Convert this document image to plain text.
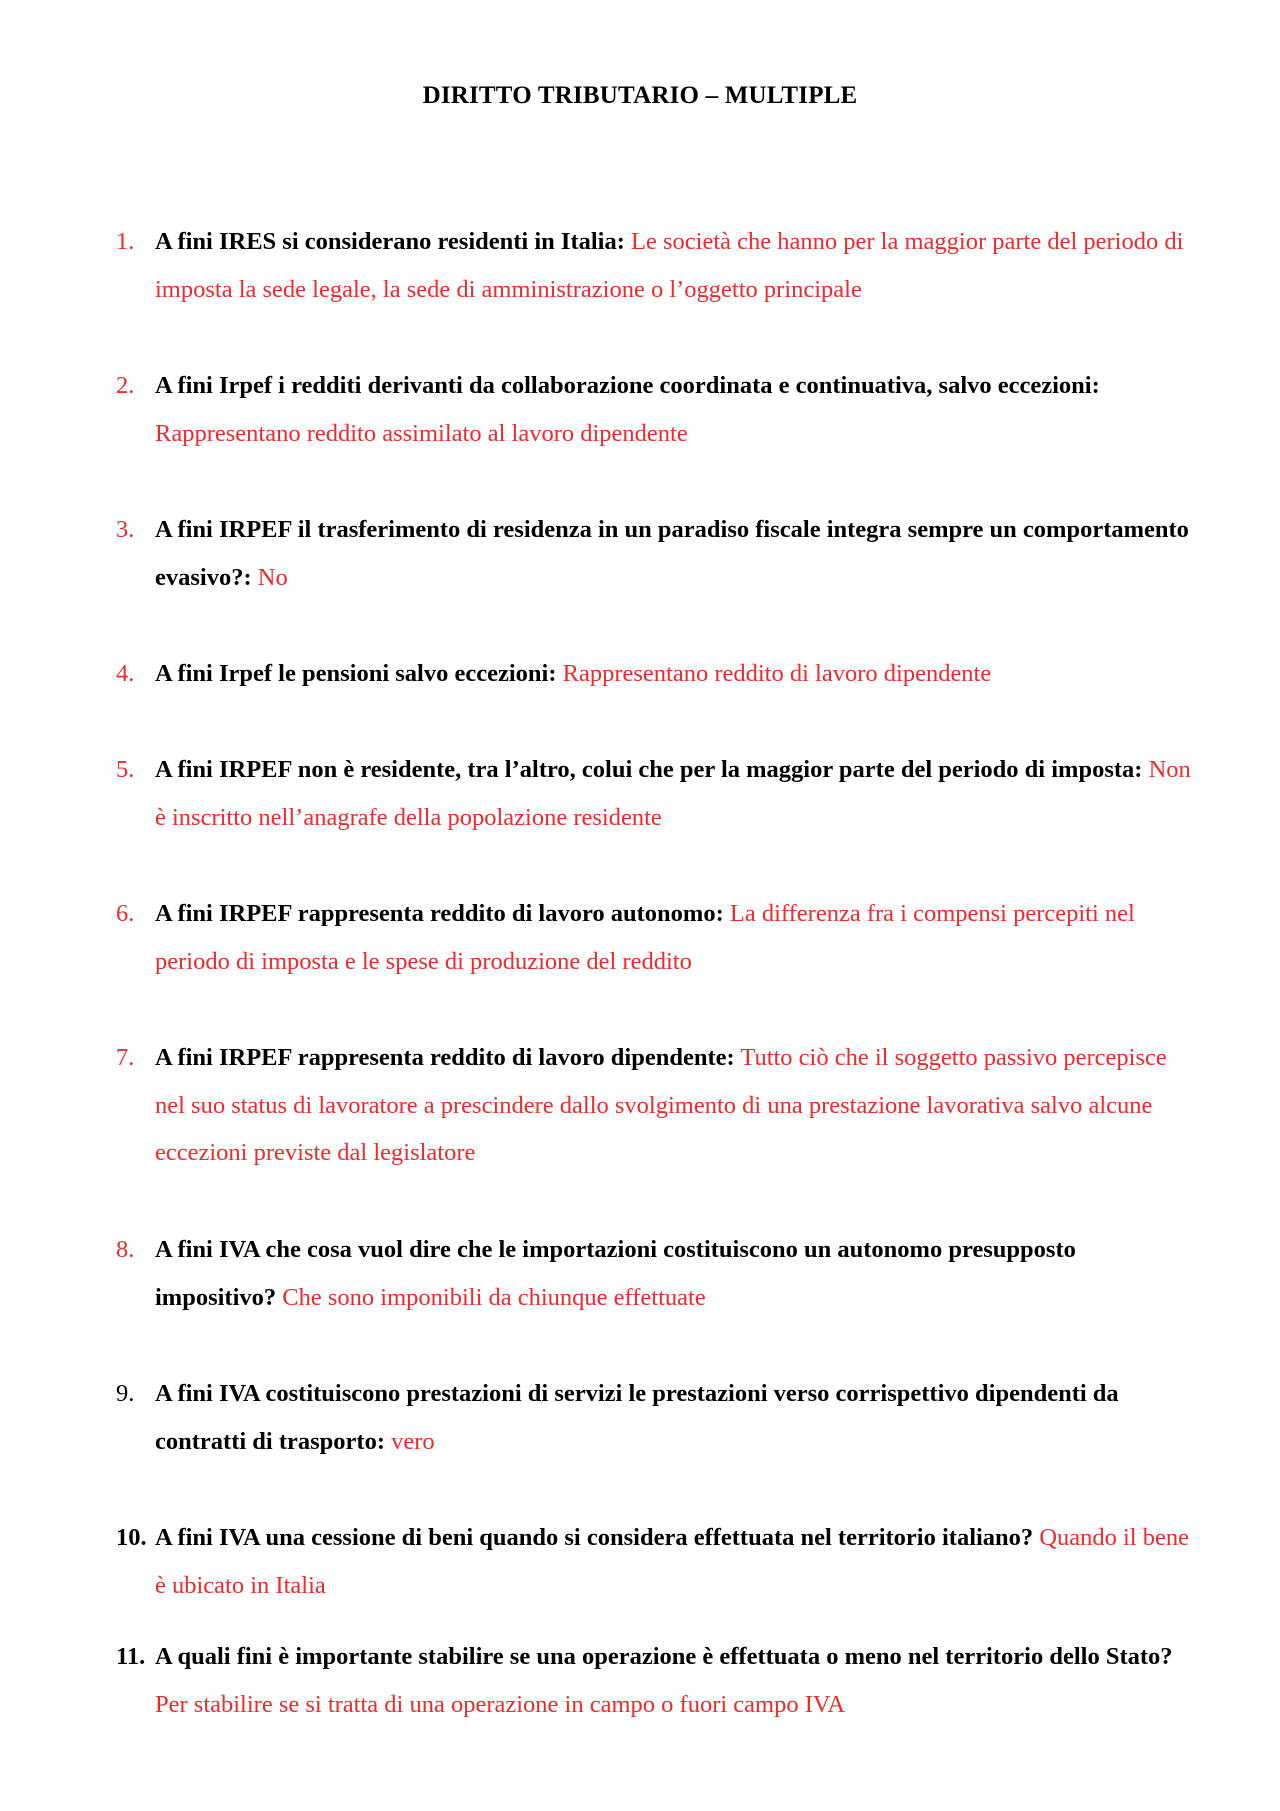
DIRITTO TRIBUTARIO – MULTIPLE
1. A fini IRES si considerano residenti in Italia: Le società che hanno per la maggior parte del periodo di imposta la sede legale, la sede di amministrazione o l’oggetto principale
2. A fini Irpef i redditi derivanti da collaborazione coordinata e continuativa, salvo eccezioni: Rappresentano reddito assimilato al lavoro dipendente
3. A fini IRPEF il trasferimento di residenza in un paradiso fiscale integra sempre un comportamento evasivo?: No
4. A fini Irpef le pensioni salvo eccezioni: Rappresentano reddito di lavoro dipendente
5. A fini IRPEF non è residente, tra l’altro, colui che per la maggior parte del periodo di imposta: Non è inscritto nell’anagrafe della popolazione residente
6. A fini IRPEF rappresenta reddito di lavoro autonomo: La differenza fra i compensi percepiti nel periodo di imposta e le spese di produzione del reddito
7. A fini IRPEF rappresenta reddito di lavoro dipendente: Tutto ciò che il soggetto passivo percepisce nel suo status di lavoratore a prescindere dallo svolgimento di una prestazione lavorativa salvo alcune eccezioni previste dal legislatore
8. A fini IVA che cosa vuol dire che le importazioni costituiscono un autonomo presupposto impositivo? Che sono imponibili da chiunque effettuate
9. A fini IVA costituiscono prestazioni di servizi le prestazioni verso corrispettivo dipendenti da contratti di trasporto: vero
10. A fini IVA una cessione di beni quando si considera effettuata nel territorio italiano? Quando il bene è ubicato in Italia
11. A quali fini è importante stabilire se una operazione è effettuata o meno nel territorio dello Stato? Per stabilire se si tratta di una operazione in campo o fuori campo IVA
